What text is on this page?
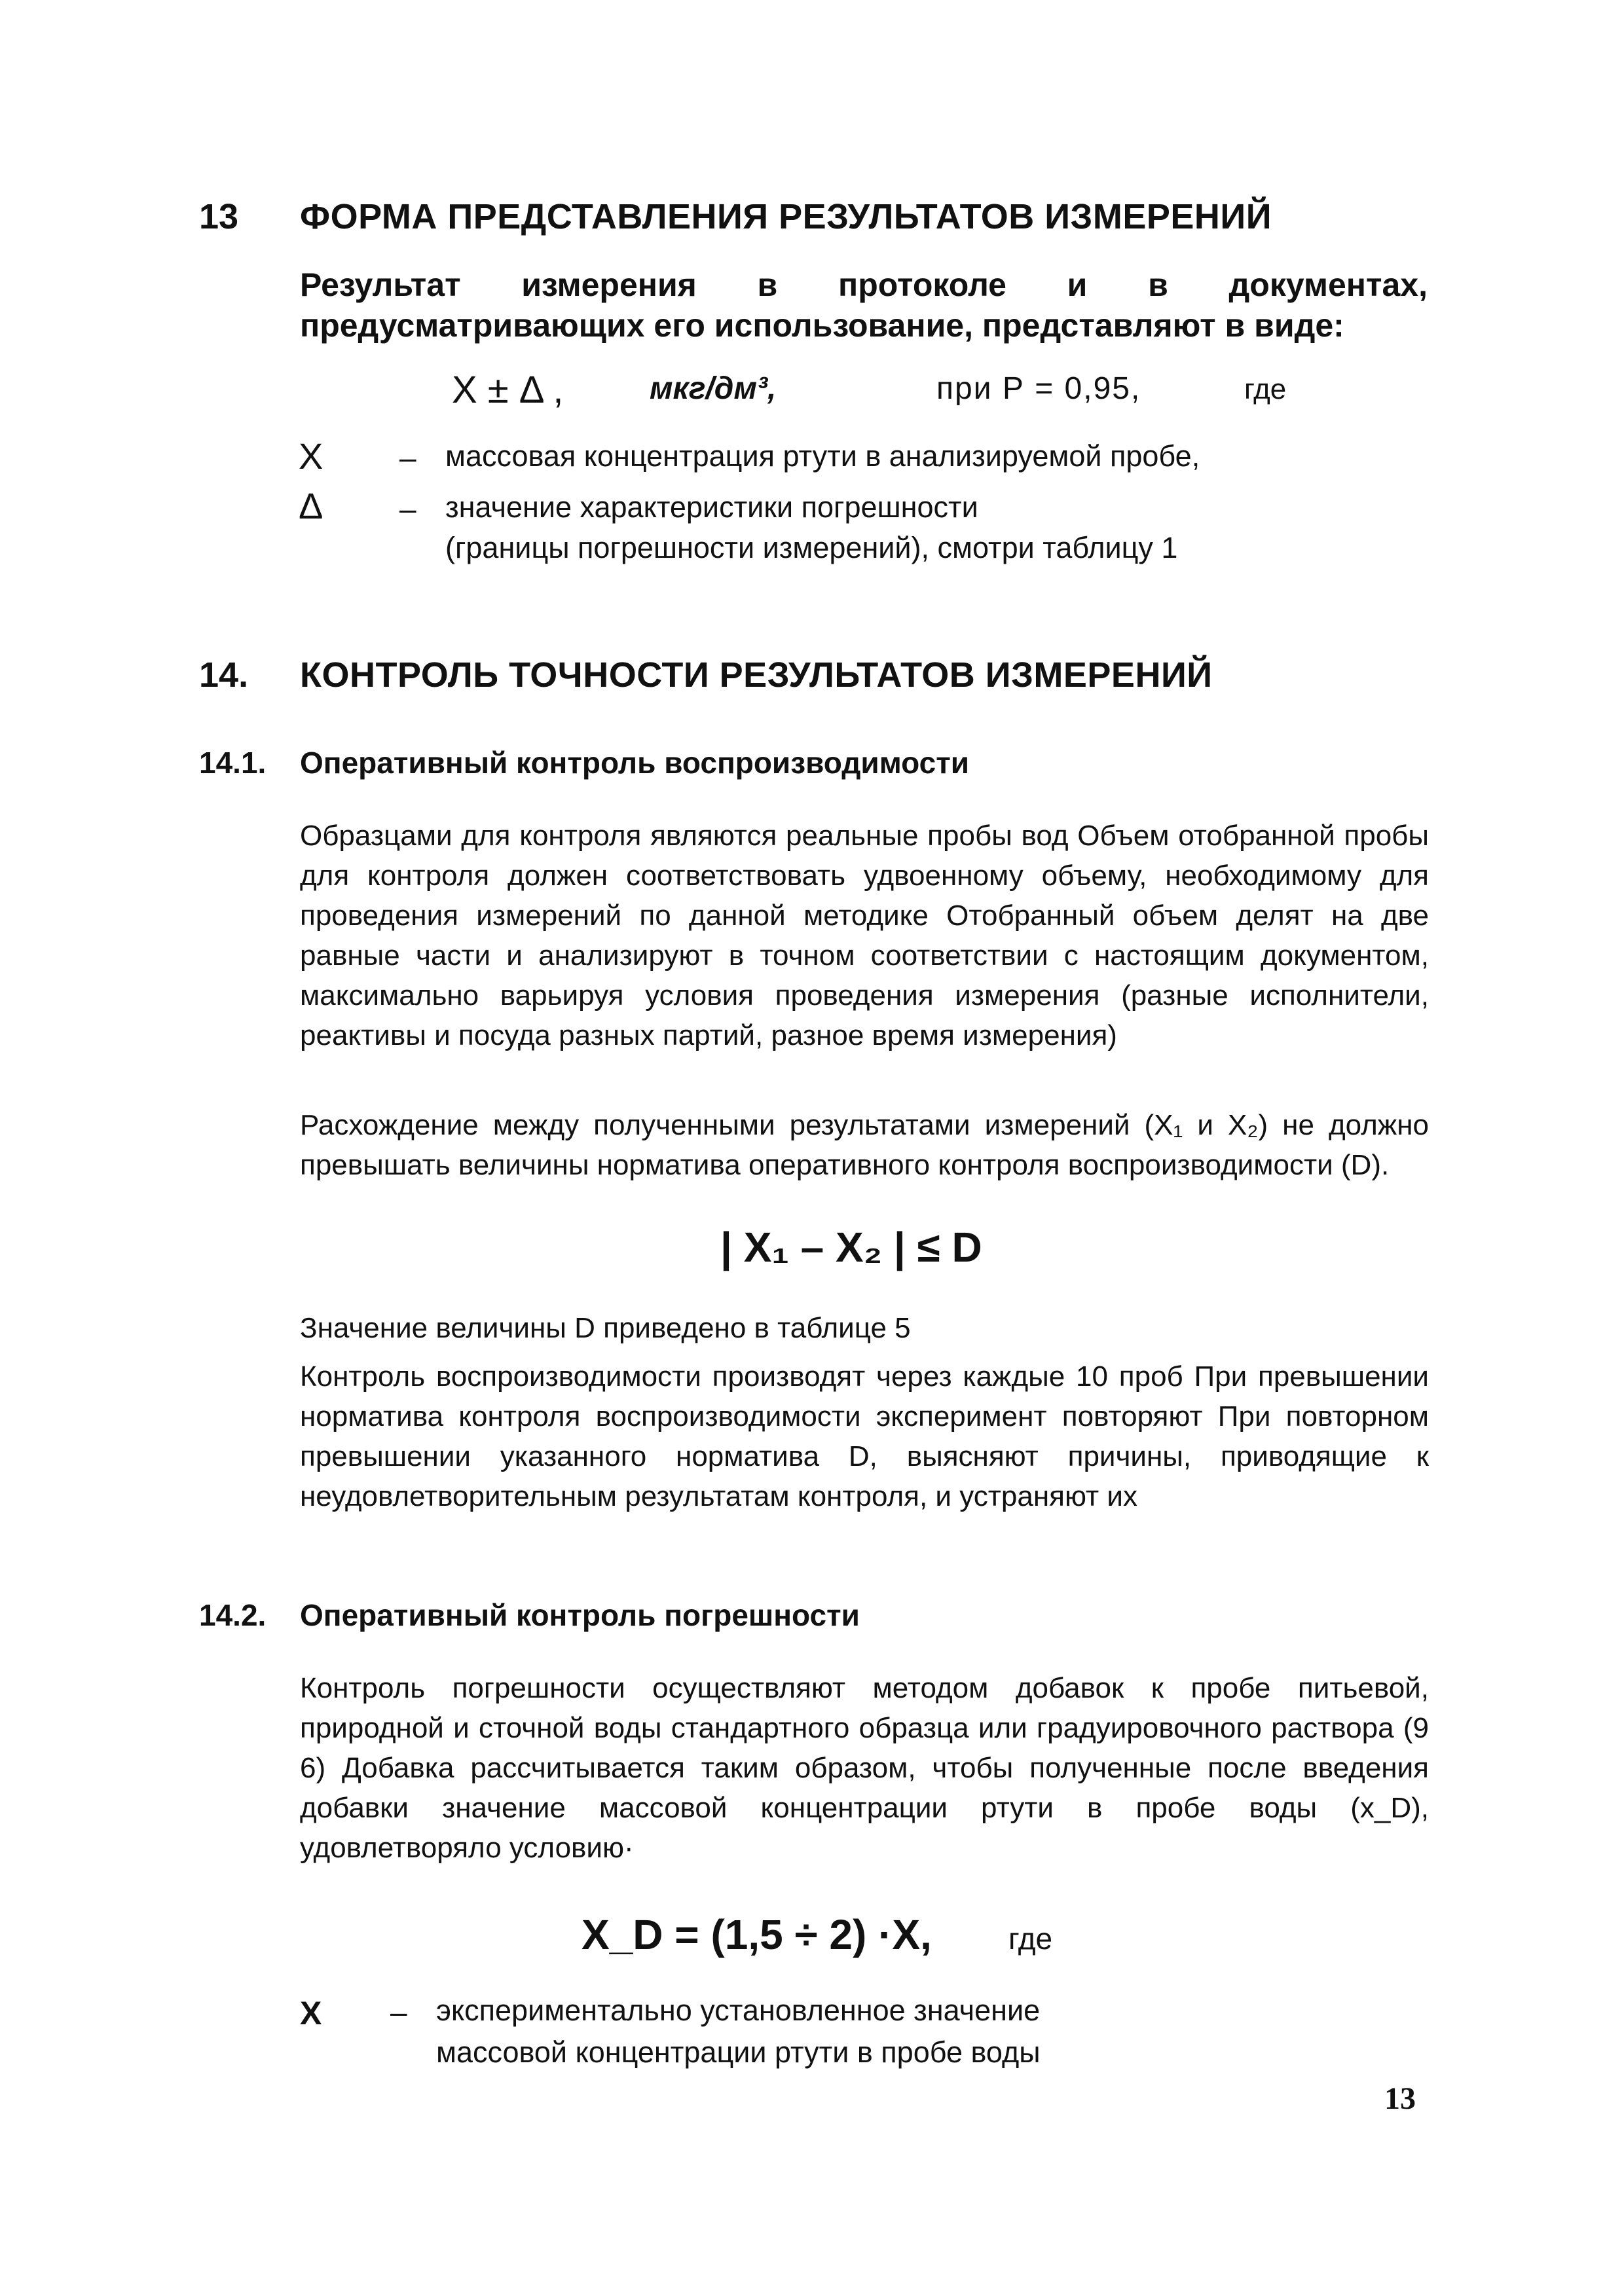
13 ФОРМА ПРЕДСТАВЛЕНИЯ РЕЗУЛЬТАТОВ ИЗМЕРЕНИЙ
Результат измерения в протоколе и в документах, предусматривающих его использование, представляют в виде:
X ± Δ ,	мкг/дм³,	при Р = 0,95,	где
X	– массовая концентрация ртути в анализируемой пробе,
Δ	– значение характеристики погрешности
(границы погрешности измерений), смотри таблицу 1
14. КОНТРОЛЬ ТОЧНОСТИ РЕЗУЛЬТАТОВ ИЗМЕРЕНИЙ
14.1. Оперативный контроль воспроизводимости
Образцами для контроля являются реальные пробы вод Объем отобранной пробы для контроля должен соответствовать удвоенному объему, необходимому для проведения измерений по данной методике Отобранный объем делят на две равные части и анализируют в точном соответствии с настоящим документом, максимально варьируя условия проведения измерения (разные исполнители, реактивы и посуда разных партий, разное время измерения)
Расхождение между полученными результатами измерений (X₁ и X₂) не должно превышать величины норматива оперативного контроля воспроизводимости (D).
| X₁ – X₂ | ≤ D
Значение величины D приведено в таблице 5
Контроль воспроизводимости производят через каждые 10 проб При превышении норматива контроля воспроизводимости эксперимент повторяют При повторном превышении указанного норматива D, выясняют причины, приводящие к неудовлетворительным результатам контроля, и устраняют их
14.2. Оперативный контроль погрешности
Контроль погрешности осуществляют методом добавок к пробе питьевой, природной и сточной воды стандартного образца или градуировочного раствора (9 6) Добавка рассчитывается таким образом, чтобы полученные после введения добавки значение массовой концентрации ртути в пробе воды (x_D), удовлетворяло условию·
X_D = (1,5 ÷ 2) ·X,	где
X – экспериментально установленное значение
массовой концентрации ртути в пробе воды
13
